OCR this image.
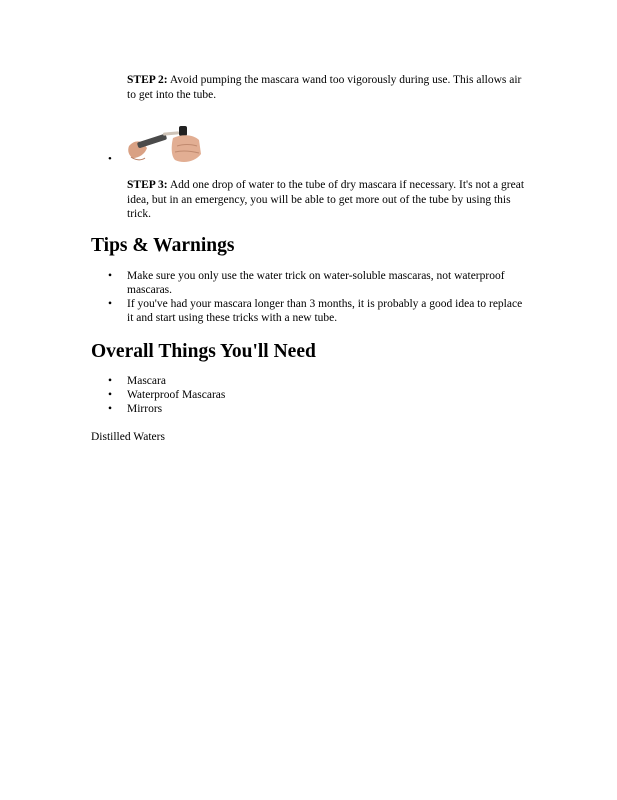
STEP 2: Avoid pumping the mascara wand too vigorously during use. This allows air to get into the tube.

•

STEP 3: Add one drop of water to the tube of dry mascara if necessary. It's not a great idea, but in an emergency, you will be able to get more out of the tube by using this trick.

Tips & Warnings
• Make sure you only use the water trick on water-soluble mascaras, not waterproof mascaras.
• If you've had your mascara longer than 3 months, it is probably a good idea to replace it and start using these tricks with a new tube.
Overall Things You'll Need
• Mascara
• Waterproof Mascaras
• Mirrors

Distilled Waters
